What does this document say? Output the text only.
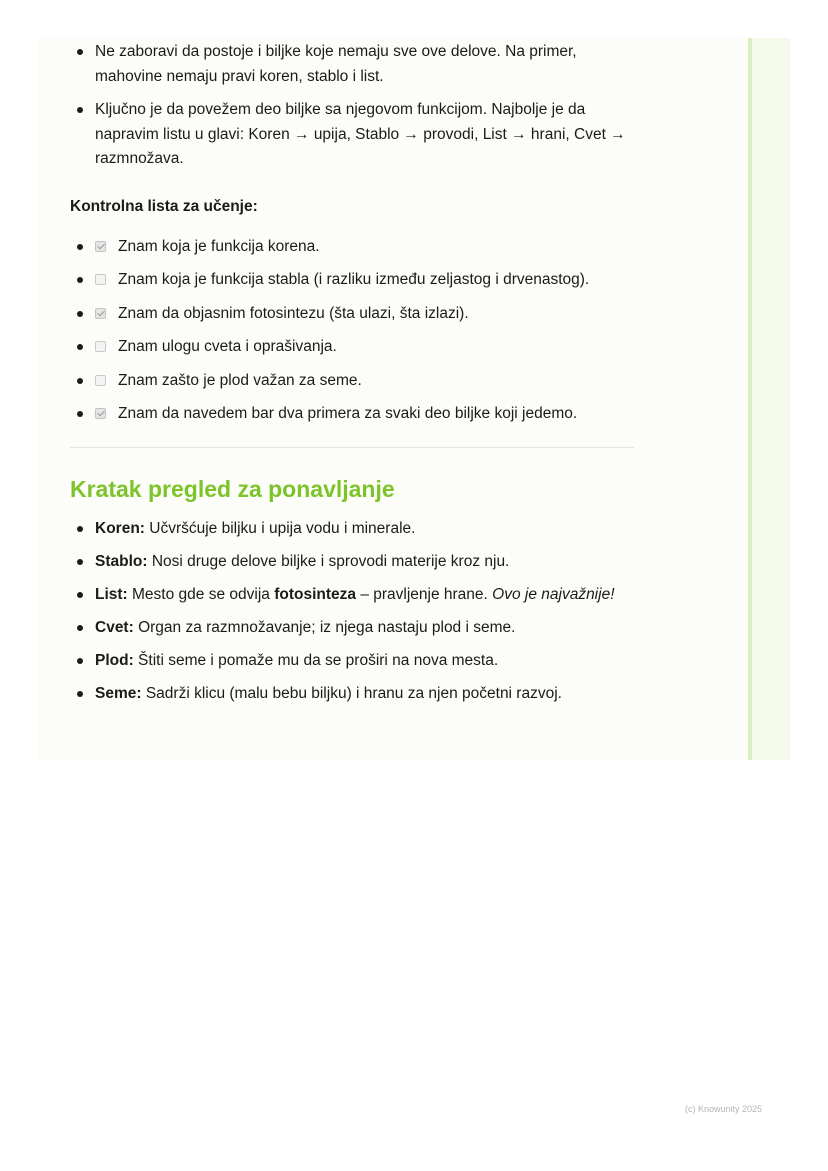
Ne zaboravi da postoje i biljke koje nemaju sve ove delove. Na primer, mahovine nemaju pravi koren, stablo i list.
Ključno je da povežem deo biljke sa njegovom funkcijom. Najbolje je da napravim listu u glavi: Koren → upija, Stablo → provodi, List → hrani, Cvet → razmnožava.
Kontrolna lista za učenje:
Znam koja je funkcija korena.
Znam koja je funkcija stabla (i razliku između zeljastog i drvenastog).
Znam da objasnim fotosintezu (šta ulazi, šta izlazi).
Znam ulogu cveta i oprašivanja.
Znam zašto je plod važan za seme.
Znam da navedem bar dva primera za svaki deo biljke koji jedemo.
Kratak pregled za ponavljanje
Koren: Učvršćuje biljku i upija vodu i minerale.
Stablo: Nosi druge delove biljke i sprovodi materije kroz nju.
List: Mesto gde se odvija fotosinteza – pravljenje hrane. Ovo je najvažnije!
Cvet: Organ za razmnožavanje; iz njega nastaju plod i seme.
Plod: Štiti seme i pomaže mu da se proširi na nova mesta.
Seme: Sadrži klicu (malu bebu biljku) i hranu za njen početni razvoj.
(c) Knowunity 2025
